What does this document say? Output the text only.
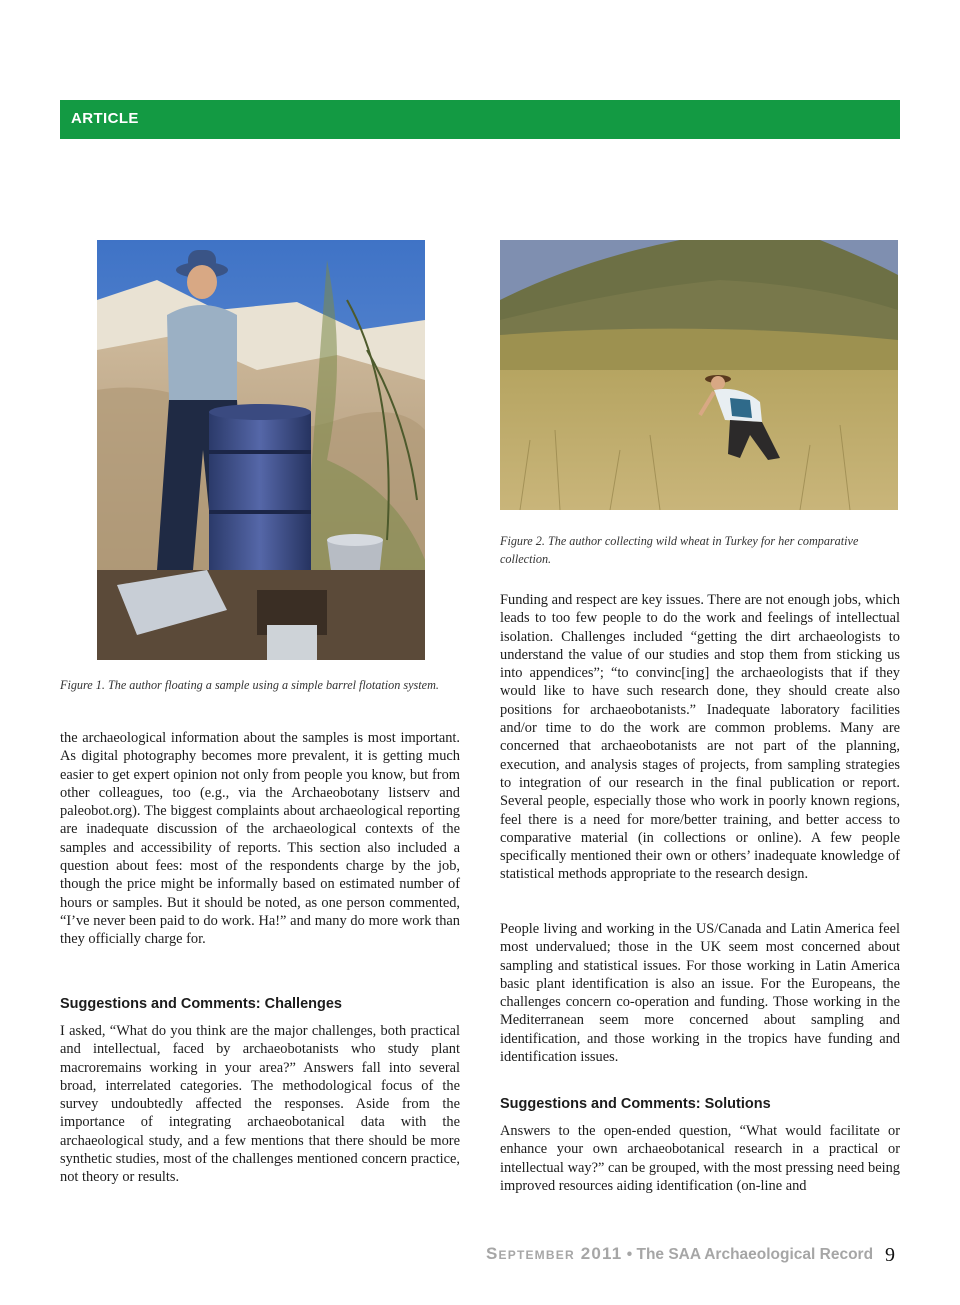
ARTICLE
Figure 1. The author floating a sample using a simple barrel flotation system.
Figure 2. The author collecting wild wheat in Turkey for her comparative collection.

the archaeological information about the samples is most important. As digital photography becomes more prevalent, it is getting much easier to get expert opinion not only from people you know, but from other colleagues, too (e.g., via the Archaeobotany listserv and paleobot.org). The biggest complaints about archaeological reporting are inadequate discussion of the archaeological contexts of the samples and accessibility of reports. This section also included a question about fees: most of the respondents charge by the job, though the price might be informally based on estimated number of hours or samples. But it should be noted, as one person commented, “I’ve never been paid to do work. Ha!” and many do more work than they officially charge for.

Suggestions and Comments: Challenges

I asked, “What do you think are the major challenges, both practical and intellectual, faced by archaeobotanists who study plant macroremains working in your area?” Answers fall into several broad, interrelated categories. The methodological focus of the survey undoubtedly affected the responses. Aside from the importance of integrating archaeobotanical data with the archaeological study, and a few mentions that there should be more synthetic studies, most of the challenges mentioned concern practice, not theory or results.

Funding and respect are key issues. There are not enough jobs, which leads to too few people to do the work and feelings of intellectual isolation. Challenges included “getting the dirt archaeologists to understand the value of our studies and stop them from sticking us into appendices”; “to convinc[ing] the archaeologists that if they would like to have such research done, they should create also positions for archaeobotanists.” Inadequate laboratory facilities and/or time to do the work are common problems. Many are concerned that archaeobotanists are not part of the planning, execution, and analysis stages of projects, from sampling strategies to integration of our research in the final publication or report. Several people, especially those who work in poorly known regions, feel there is a need for more/better training, and better access to comparative material (in collections or online). A few people specifically mentioned their own or others’ inadequate knowledge of statistical methods appropriate to the research design.

People living and working in the US/Canada and Latin America feel most undervalued; those in the UK seem most concerned about sampling and statistical issues. For those working in Latin America basic plant identification is also an issue. For the Europeans, the challenges concern co-operation and funding. Those working in the Mediterranean seem more concerned about sampling and identification, and those working in the tropics have funding and identification issues.

Suggestions and Comments: Solutions

Answers to the open-ended question, “What would facilitate or enhance your own archaeobotanical research in a practical or intellectual way?” can be grouped, with the most pressing need being improved resources aiding identification (on-line and

September 2011 • The SAA Archaeological Record 9
